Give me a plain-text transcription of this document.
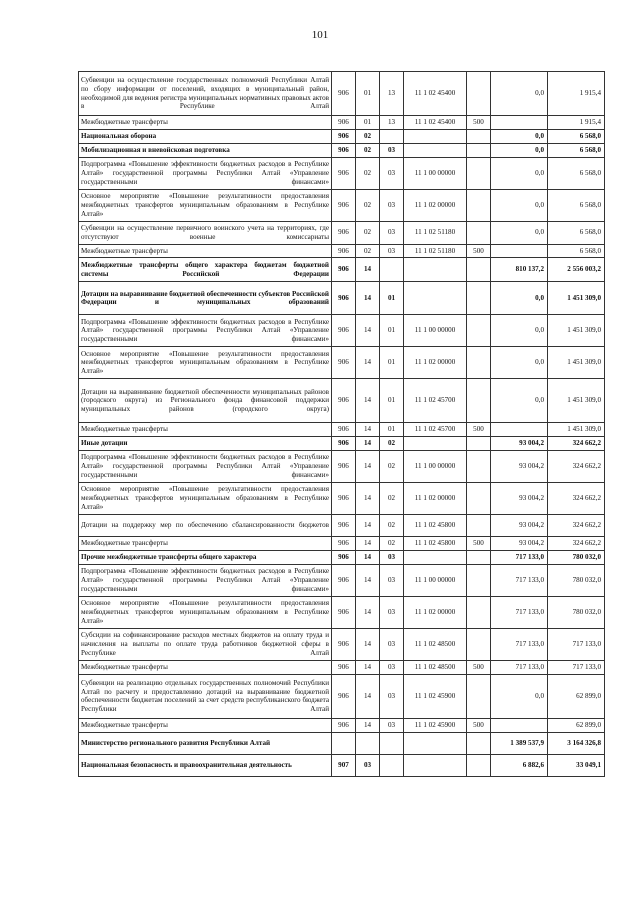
101
Субвенции на осуществление государственных полномочий Республики Алтай по сбору информации от поселений, входящих в муниципальный район, необходимой для ведения регистра муниципальных нормативных правовых актов в Республике Алтай	906	01	13	11 1 02 45400		0,0	1 915,4
Межбюджетные трансферты	906	01	13	11 1 02 45400	500		1 915,4
Национальная оборона	906	02				0,0	6 568,0
Мобилизационная и вневойсковая подготовка	906	02	03			0,0	6 568,0
Подпрограмма «Повышение эффективности бюджетных расходов в Республике Алтай» государственной программы Республики Алтай «Управление государственными финансами»	906	02	03	11 1 00 00000		0,0	6 568,0
Основное мероприятие «Повышение результативности предоставления межбюджетных трансфертов муниципальным образованиям в Республике Алтай»	906	02	03	11 1 02 00000		0,0	6 568,0
Субвенции на осуществление первичного воинского учета на территориях, где отсутствуют военные комиссариаты	906	02	03	11 1 02 51180		0,0	6 568,0
Межбюджетные трансферты	906	02	03	11 1 02 51180	500		6 568,0
Межбюджетные трансферты общего характера бюджетам бюджетной системы Российской Федерации	906	14				810 137,2	2 556 003,2
Дотации на выравнивание бюджетной обеспеченности субъектов Российской Федерации и муниципальных образований	906	14	01			0,0	1 451 309,0
Подпрограмма «Повышение эффективности бюджетных расходов в Республике Алтай» государственной программы Республики Алтай «Управление государственными финансами»	906	14	01	11 1 00 00000		0,0	1 451 309,0
Основное мероприятие «Повышение результативности предоставления межбюджетных трансфертов муниципальным образованиям в Республике Алтай»	906	14	01	11 1 02 00000		0,0	1 451 309,0
Дотации на выравнивание бюджетной обеспеченности муниципальных районов (городского округа) из Регионального фонда финансовой поддержки муниципальных районов (городского округа)	906	14	01	11 1 02 45700		0,0	1 451 309,0
Межбюджетные трансферты	906	14	01	11 1 02 45700	500		1 451 309,0
Иные дотации	906	14	02			93 004,2	324 662,2
Подпрограмма «Повышение эффективности бюджетных расходов в Республике Алтай» государственной программы Республики Алтай «Управление государственными финансами»	906	14	02	11 1 00 00000		93 004,2	324 662,2
Основное мероприятие «Повышение результативности предоставления межбюджетных трансфертов муниципальным образованиям в Республике Алтай»	906	14	02	11 1 02 00000		93 004,2	324 662,2
Дотации на поддержку мер по обеспечению сбалансированности бюджетов	906	14	02	11 1 02 45800		93 004,2	324 662,2
Межбюджетные трансферты	906	14	02	11 1 02 45800	500	93 004,2	324 662,2
Прочие межбюджетные трансферты общего характера	906	14	03			717 133,0	780 032,0
Подпрограмма «Повышение эффективности бюджетных расходов в Республике Алтай» государственной программы Республики Алтай «Управление государственными финансами»	906	14	03	11 1 00 00000		717 133,0	780 032,0
Основное мероприятие «Повышение результативности предоставления межбюджетных трансфертов муниципальным образованиям в Республике Алтай»	906	14	03	11 1 02 00000		717 133,0	780 032,0
Субсидии на софинансирование расходов местных бюджетов на оплату труда и начисления на выплаты по оплате труда работников бюджетной сферы в Республике Алтай	906	14	03	11 1 02 48500		717 133,0	717 133,0
Межбюджетные трансферты	906	14	03	11 1 02 48500	500	717 133,0	717 133,0
Субвенции на реализацию отдельных государственных полномочий Республики Алтай по расчету и предоставлению дотаций на выравнивание бюджетной обеспеченности бюджетам поселений за счет средств республиканского бюджета Республики Алтай	906	14	03	11 1 02 45900		0,0	62 899,0
Межбюджетные трансферты	906	14	03	11 1 02 45900	500		62 899,0
Министерство регионального развития Республики Алтай						1 389 537,9	3 164 326,8
Национальная безопасность и правоохранительная деятельность	907	03				6 882,6	33 049,1
